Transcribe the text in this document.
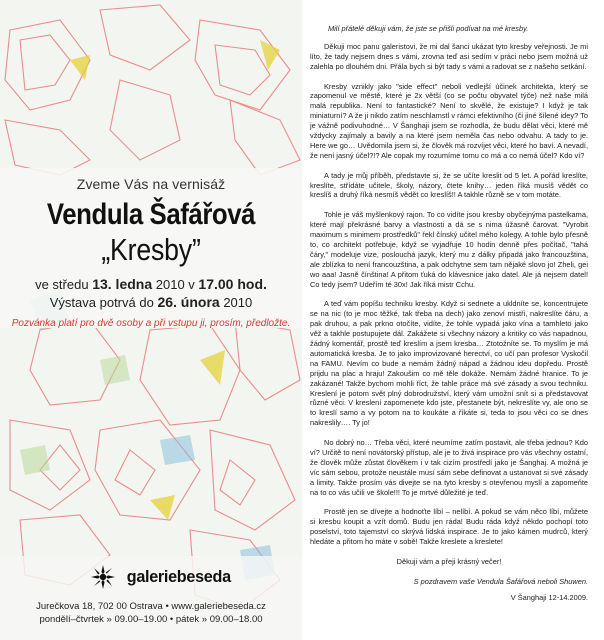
Zveme Vás na vernisáž
Vendula Šafářová
„Kresby”
ve středu 13. ledna 2010 v 17.00 hod.
Výstava potrvá do 26. února 2010
Pozvánka platí pro dvě osoby a při vstupu ji, prosím, předložte.
galeriebesеda
Jurečkova 18, 702 00 Ostrava • www.galeriebeseda.cz
pondělí–čtvrtek » 09.00–19.00 • pátek » 09.00–18.00

Milí přátelé děkuji vám, že jste se přišli podívat na mé kresby.

Děkuji moc panu galeristovi, že mi dal šanci ukázat tyto kresby veřejnosti. Je mi líto, že tady nejsem dnes s vámi, zrovna teď asi sedím v práci nebo jsem možná už zalehla po dlouhém dni. Přála bych si být tady s vámi a radovat se z našeho setkání.

Kresby vznikly jako "side effect" neboli vedlejší účinek architekta, který se zapomenul ve městě, které je 2x větší (co se počtu obyvatel týče) než naše milá malá republika. Není to fantastické? Není to skvělé, že existuje? I když je tak miniaturní? A že ji nikdo zatím neschlamstl v rámci efektivního (či jiné šílené idey? To je vážně podivuhodné… V Šanghaji jsem se rozhodla, že budu dělat věci, které mě vždycky zajímaly a bavily a na které jsem neměla čas nebo odvahu. A tady to je. Here we go… Uvědomila jsem si, že člověk má rozvíjet věci, které ho baví. A nevadí, že není jasný účel?!? Ale copak my rozumíme tomu co má a co nemá účel? Kdo ví?

A tady je můj příběh, představte si, že se učíte kreslit od 5 let. A pořád kreslíte, kreslíte, střídáte učitele, školy, názory, čtete knihy… jeden říká musíš vědět co kreslíš a druhý říká nesmíš vědět co kreslíš!! A takhle různě se v tom motáte.

Tohle je váš myšlenkový rajon. To co vidíte jsou kresby obyčejnýma pastelkama, které mají překrásné barvy a vlastnosti a dá se s nima úžasně čarovat. "Vyrobit maximum s minimem prostředků" řekl čínský učitel mého kolegy. A tohle bylo přesně to, co architekt potřebuje, když se vyjadřuje 10 hodin denně přes počítač, "tahá čáry," modeluje vize, poslouchá jazyk, který mu z dálky připadá jako francouzština, ale zblízka to není francouzština, a pak odchytne sem tam nějaké slovo jo! Zheli, gei wo aaa! Jasně čínština! A přitom ťuká do klávesnice jako datel. Ale já nejsem datel! Co tedy jsem? Udeřím té 30x! Jak říká mistr Cchu.

A teď vám popíšu techniku kresby. Když si sednete a ukldníte se, koncentrujete se na nic (to je moc těžké, tak třeba na dech) jako zenoví mistři, nakreslíte čáru, a pak druhou, a pak prkno otočíte, vidíte, že tohle vypadá jako vína a tamhleto jako věž a takhle postupujete dál. Zakážete si všechny názory a kritiky co vás napadnou, žádný komentář, prostě teď kreslím a jsem kresba… Ztotožníte se. To myslím je má automatická kresba. Je to jako improvizované herectví, co učí pan profesor Vyskočil na FAMU. Nevím co bude a nemám žádný nápad a žádnou ideu dopředu. Prostě prijdu na plac a hraju! Zakoušim co mě těle dokáže. Nemám žádné hranice. To je zakázané! Takže bychom mohli říct, že tahle práce má své zásady a svou techniku. Kreslení je potom svět plný dobrodružství, který vám umožní snít si a představovat různé věci. V kreslení zapomenete kdo jste, přestanete být, nekreslíte vy, ale ono se to kreslí samo a vy potom na to koukáte a říkáte si, teda to jsou věci co se dnes nakreslily…. Ty jo!

No dobrý no… Třeba věci, které neumíme zatím postavit, ale třeba jednou? Kdo ví? Určitě to není novátorský přístup, ale je to živá inspirace pro vás všechny ostatní, že člověk může zůstat člověkem i v tak cizím prostředí jako je Šanghaj. A možná je víc sám sebou, protože neustále musí sám sebe definovat a ustanovat si své zásady a limity. Takže prosím vás divejte se na tyto kresby s otevřenou myslí a zapomeňte na to co vás učili ve škole!!! To je mrtvé důležité je teď.

Prostě jen se dívejte a hodnoťte líbí – nelíbí. A pokud se vám něco líbí, můžete si kresbu koupit a vzít domů. Budu jen ráda! Budu ráda když někdo pochopí toto poselství, toto tajemství co skrývá lidská inspirace. Je to jako kámen mudrců, který hledáte a přitom ho máte v sobě! Takže kreslete a kreslete!

Děkuji vám a přeji krásný večer!

S pozdravem vaše Vendula Šafářová neboli Shuwen.

V Šanghaji 12-14.2009.
